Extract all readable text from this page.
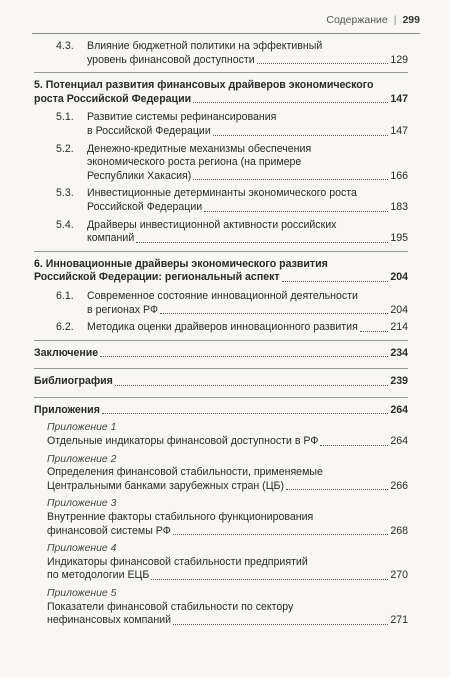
Содержание | 299
4.3.	Влияние бюджетной политики на эффективный
уровень финансовой доступности	129
5. Потенциал развития финансовых драйверов экономического
роста Российской Федерации	147
5.1.	Развитие системы рефинансирования
в Российской Федерации	147
5.2.	Денежно-кредитные механизмы обеспечения
экономического роста региона (на примере
Республики Хакасия)	166
5.3.	Инвестиционные детерминанты экономического роста
Российской Федерации	183
5.4.	Драйверы инвестиционной активности российских
компаний	195
6. Инновационные драйверы экономического развития
Российской Федерации: региональный аспект	204
6.1.	Современное состояние инновационной деятельности
в регионах РФ	204
6.2.	Методика оценки драйверов инновационного развития	214
Заключение	234
Библиография	239
Приложения	264
Приложение 1
Отдельные индикаторы финансовой доступности в РФ	264
Приложение 2
Определения финансовой стабильности, применяемые
Центральными банками зарубежных стран (ЦБ)	266
Приложение 3
Внутренние факторы стабильного функционирования
финансовой системы РФ	268
Приложение 4
Индикаторы финансовой стабильности предприятий
по методологии ЕЦБ	270
Приложение 5
Показатели финансовой стабильности по сектору
нефинансовых компаний	271
